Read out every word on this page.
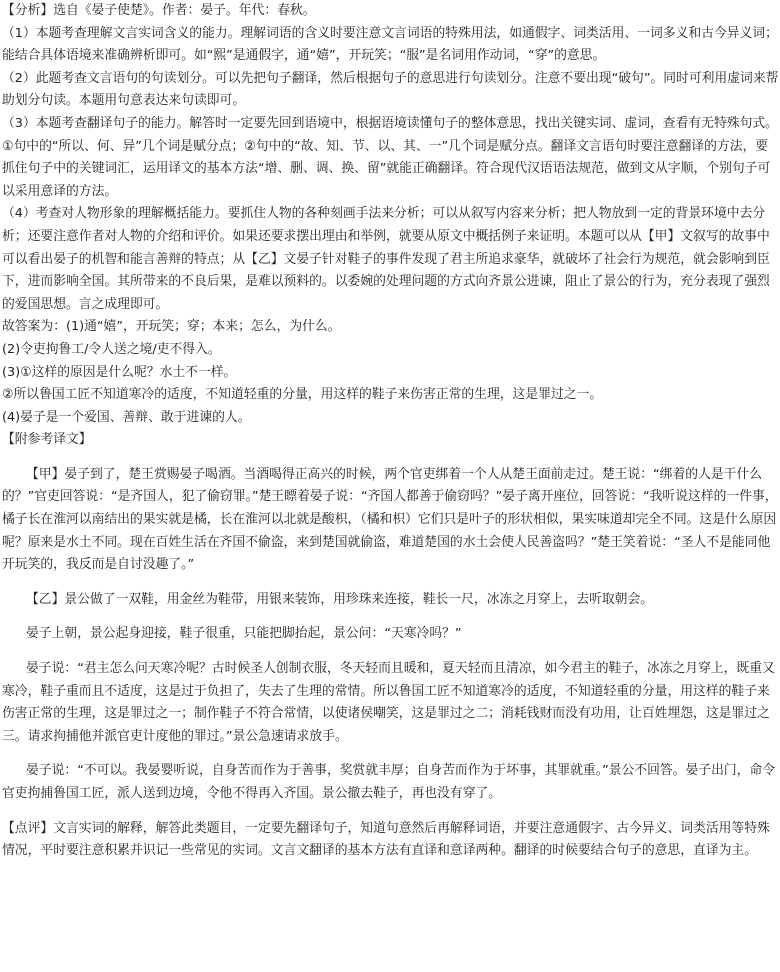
【分析】选自《晏子使楚》。作者：晏子。年代：春秋。

（1）本题考查理解文言实词含义的能力。理解词语的含义时要注意文言词语的特殊用法，如通假字、词类活用、一词多义和古今异义词；能结合具体语境来准确辨析即可。如“熙”是通假字，通“嬉”，开玩笑；“服”是名词用作动词，“穿”的意思。

（2）此题考查文言语句的句读划分。可以先把句子翻译，然后根据句子的意思进行句读划分。注意不要出现“破句”。同时可利用虚词来帮助划分句读。本题用句意表达来句读即可。

（3）本题考查翻译句子的能力。解答时一定要先回到语境中，根据语境读懂句子的整体意思，找出关键实词、虚词，查看有无特殊句式。①句中的“所以、何、异”几个词是赋分点；②句中的“故、知、节、以、其、一”几个词是赋分点。翻译文言语句时要注意翻译的方法，要抓住句子中的关键词汇，运用译文的基本方法“增、删、调、换、留”就能正确翻译。符合现代汉语语法规范，做到文从字顺，个别句子可以采用意译的方法。

（4）考查对人物形象的理解概括能力。要抓住人物的各种刻画手法来分析；可以从叙写内容来分析；把人物放到一定的背景环境中去分析；还要注意作者对人物的介绍和评价。如果还要求摆出理由和举例，就要从原文中概括例子来证明。本题可以从【甲】文叙写的故事中可以看出晏子的机智和能言善辩的特点；从【乙】文晏子针对鞋子的事件发现了君主所追求豪华，就破坏了社会行为规范，就会影响到臣下，进而影响全国。其所带来的不良后果，是难以预料的。以委婉的处理问题的方式向齐景公进谏，阻止了景公的行为，充分表现了强烈的爱国思想。言之成理即可。

故答案为：(1)通“嬉”，开玩笑；穿；本来；怎么，为什么。

(2)令吏拘鲁工/令人送之境/吏不得入。

(3)①这样的原因是什么呢？水土不一样。

②所以鲁国工匠不知道寒冷的适度，不知道轻重的分量，用这样的鞋子来伤害正常的生理，这是罪过之一。

(4)晏子是一个爱国、善辩、敢于进谏的人。

【附参考译文】

【甲】晏子到了，楚王赏赐晏子喝酒。当酒喝得正高兴的时候，两个官吏绑着一个人从楚王面前走过。楚王说：“绑着的人是干什么的？”官吏回答说：“是齐国人，犯了偷窃罪。”楚王瞟着晏子说：“齐国人都善于偷窃吗？”晏子离开座位，回答说：“我听说这样的一件事，橘子长在淮河以南结出的果实就是橘，长在淮河以北就是酸枳，（橘和枳）它们只是叶子的形状相似，果实味道却完全不同。这是什么原因呢？原来是水土不同。现在百姓生活在齐国不偷盗，来到楚国就偷盗，难道楚国的水土会使人民善盗吗？”楚王笑着说：“圣人不是能同他开玩笑的，我反而是自讨没趣了。”

【乙】景公做了一双鞋，用金丝为鞋带，用银来装饰，用珍珠来连接，鞋长一尺，冰冻之月穿上，去听取朝会。

晏子上朝，景公起身迎接，鞋子很重，只能把脚抬起，景公问：“天寒冷吗？”

晏子说：“君主怎么问天寒冷呢？古时候圣人创制衣服，冬天轻而且暖和，夏天轻而且清凉，如今君主的鞋子，冰冻之月穿上，既重又寒冷，鞋子重而且不适度，这是过于负担了，失去了生理的常情。所以鲁国工匠不知道寒冷的适度，不知道轻重的分量，用这样的鞋子来伤害正常的生理，这是罪过之一；制作鞋子不符合常情，以使诸侯嘲笑，这是罪过之二；消耗钱财而没有功用，让百姓埋怨，这是罪过之三。请求拘捕他并派官吏计度他的罪过。”景公急速请求放手。

晏子说：“不可以。我晏婴听说，自身苦而作为于善事，奖赏就丰厚；自身苦而作为于坏事，其罪就重。”景公不回答。晏子出门，命令官吏拘捕鲁国工匠，派人送到边境，令他不得再入齐国。景公撤去鞋子，再也没有穿了。

【点评】文言实词的解释，解答此类题目，一定要先翻译句子，知道句意然后再解释词语，并要注意通假字、古今异义、词类活用等特殊情况，平时要注意积累并识记一些常见的实词。文言文翻译的基本方法有直译和意译两种。翻译的时候要结合句子的意思，直译为主。
